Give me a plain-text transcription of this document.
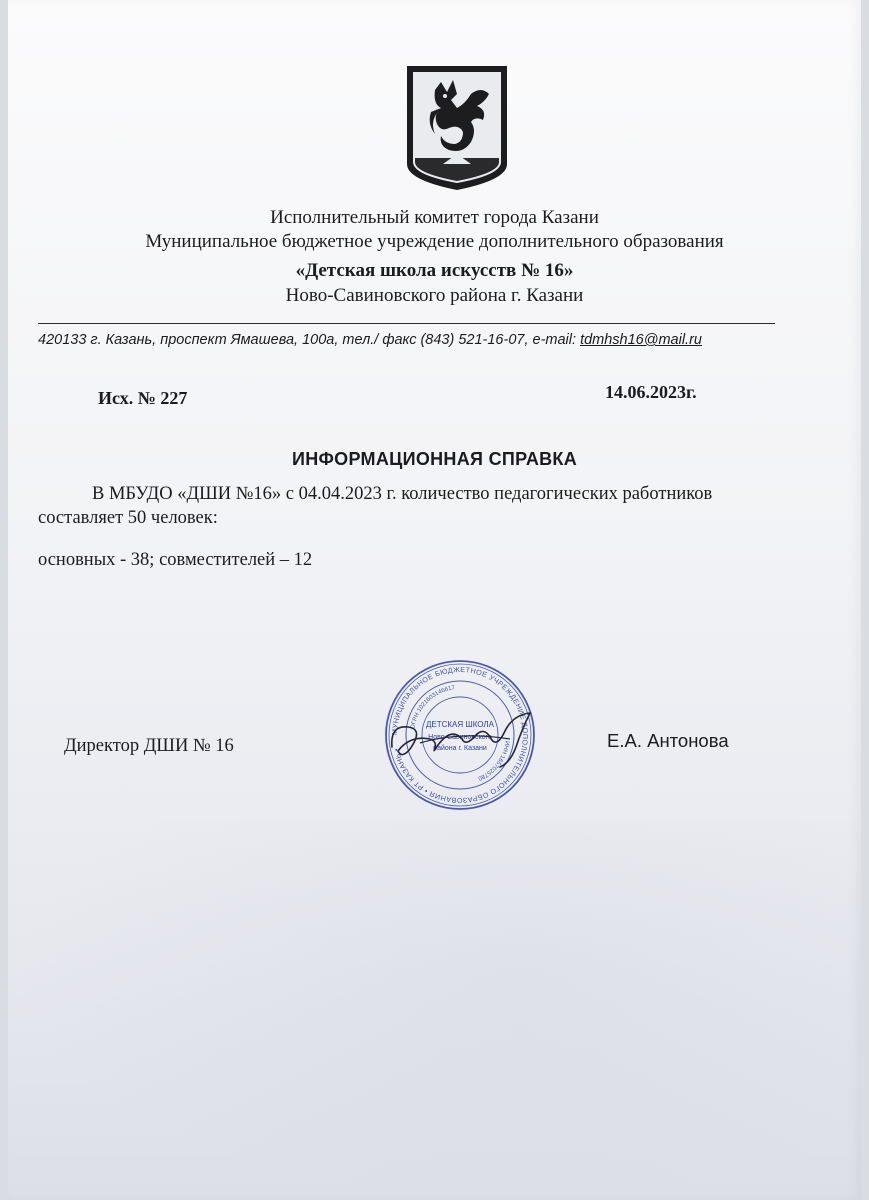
Исполнительный комитет города Казани
Муниципальное бюджетное учреждение дополнительного образования
«Детская школа искусств № 16»
Ново-Савиновского района г. Казани
420133 г. Казань, проспект Ямашева, 100а, тел./ факс (843) 521-16-07, e-mail: tdmhsh16@mail.ru
Исх. № 227	14.06.2023г.
ИНФОРМАЦИОННАЯ СПРАВКА
В МБУДО «ДШИ №16» с 04.04.2023 г. количество педагогических работников
составляет 50 человек:
основных - 38; совместителей – 12
МУНИЦИПАЛЬНОЕ БЮДЖЕТНОЕ УЧРЕЖДЕНИЕ ДОПОЛНИТЕЛЬНОГО ОБРАЗОВАНИЯ • РТ КАЗАНЬ •
ОГРН 1021603146617
ИНН 1657025780
ДЕТСКАЯ ШКОЛА
Ново-Савиновского
района г. Казани
Директор ДШИ № 16	Е.А. Антонова
